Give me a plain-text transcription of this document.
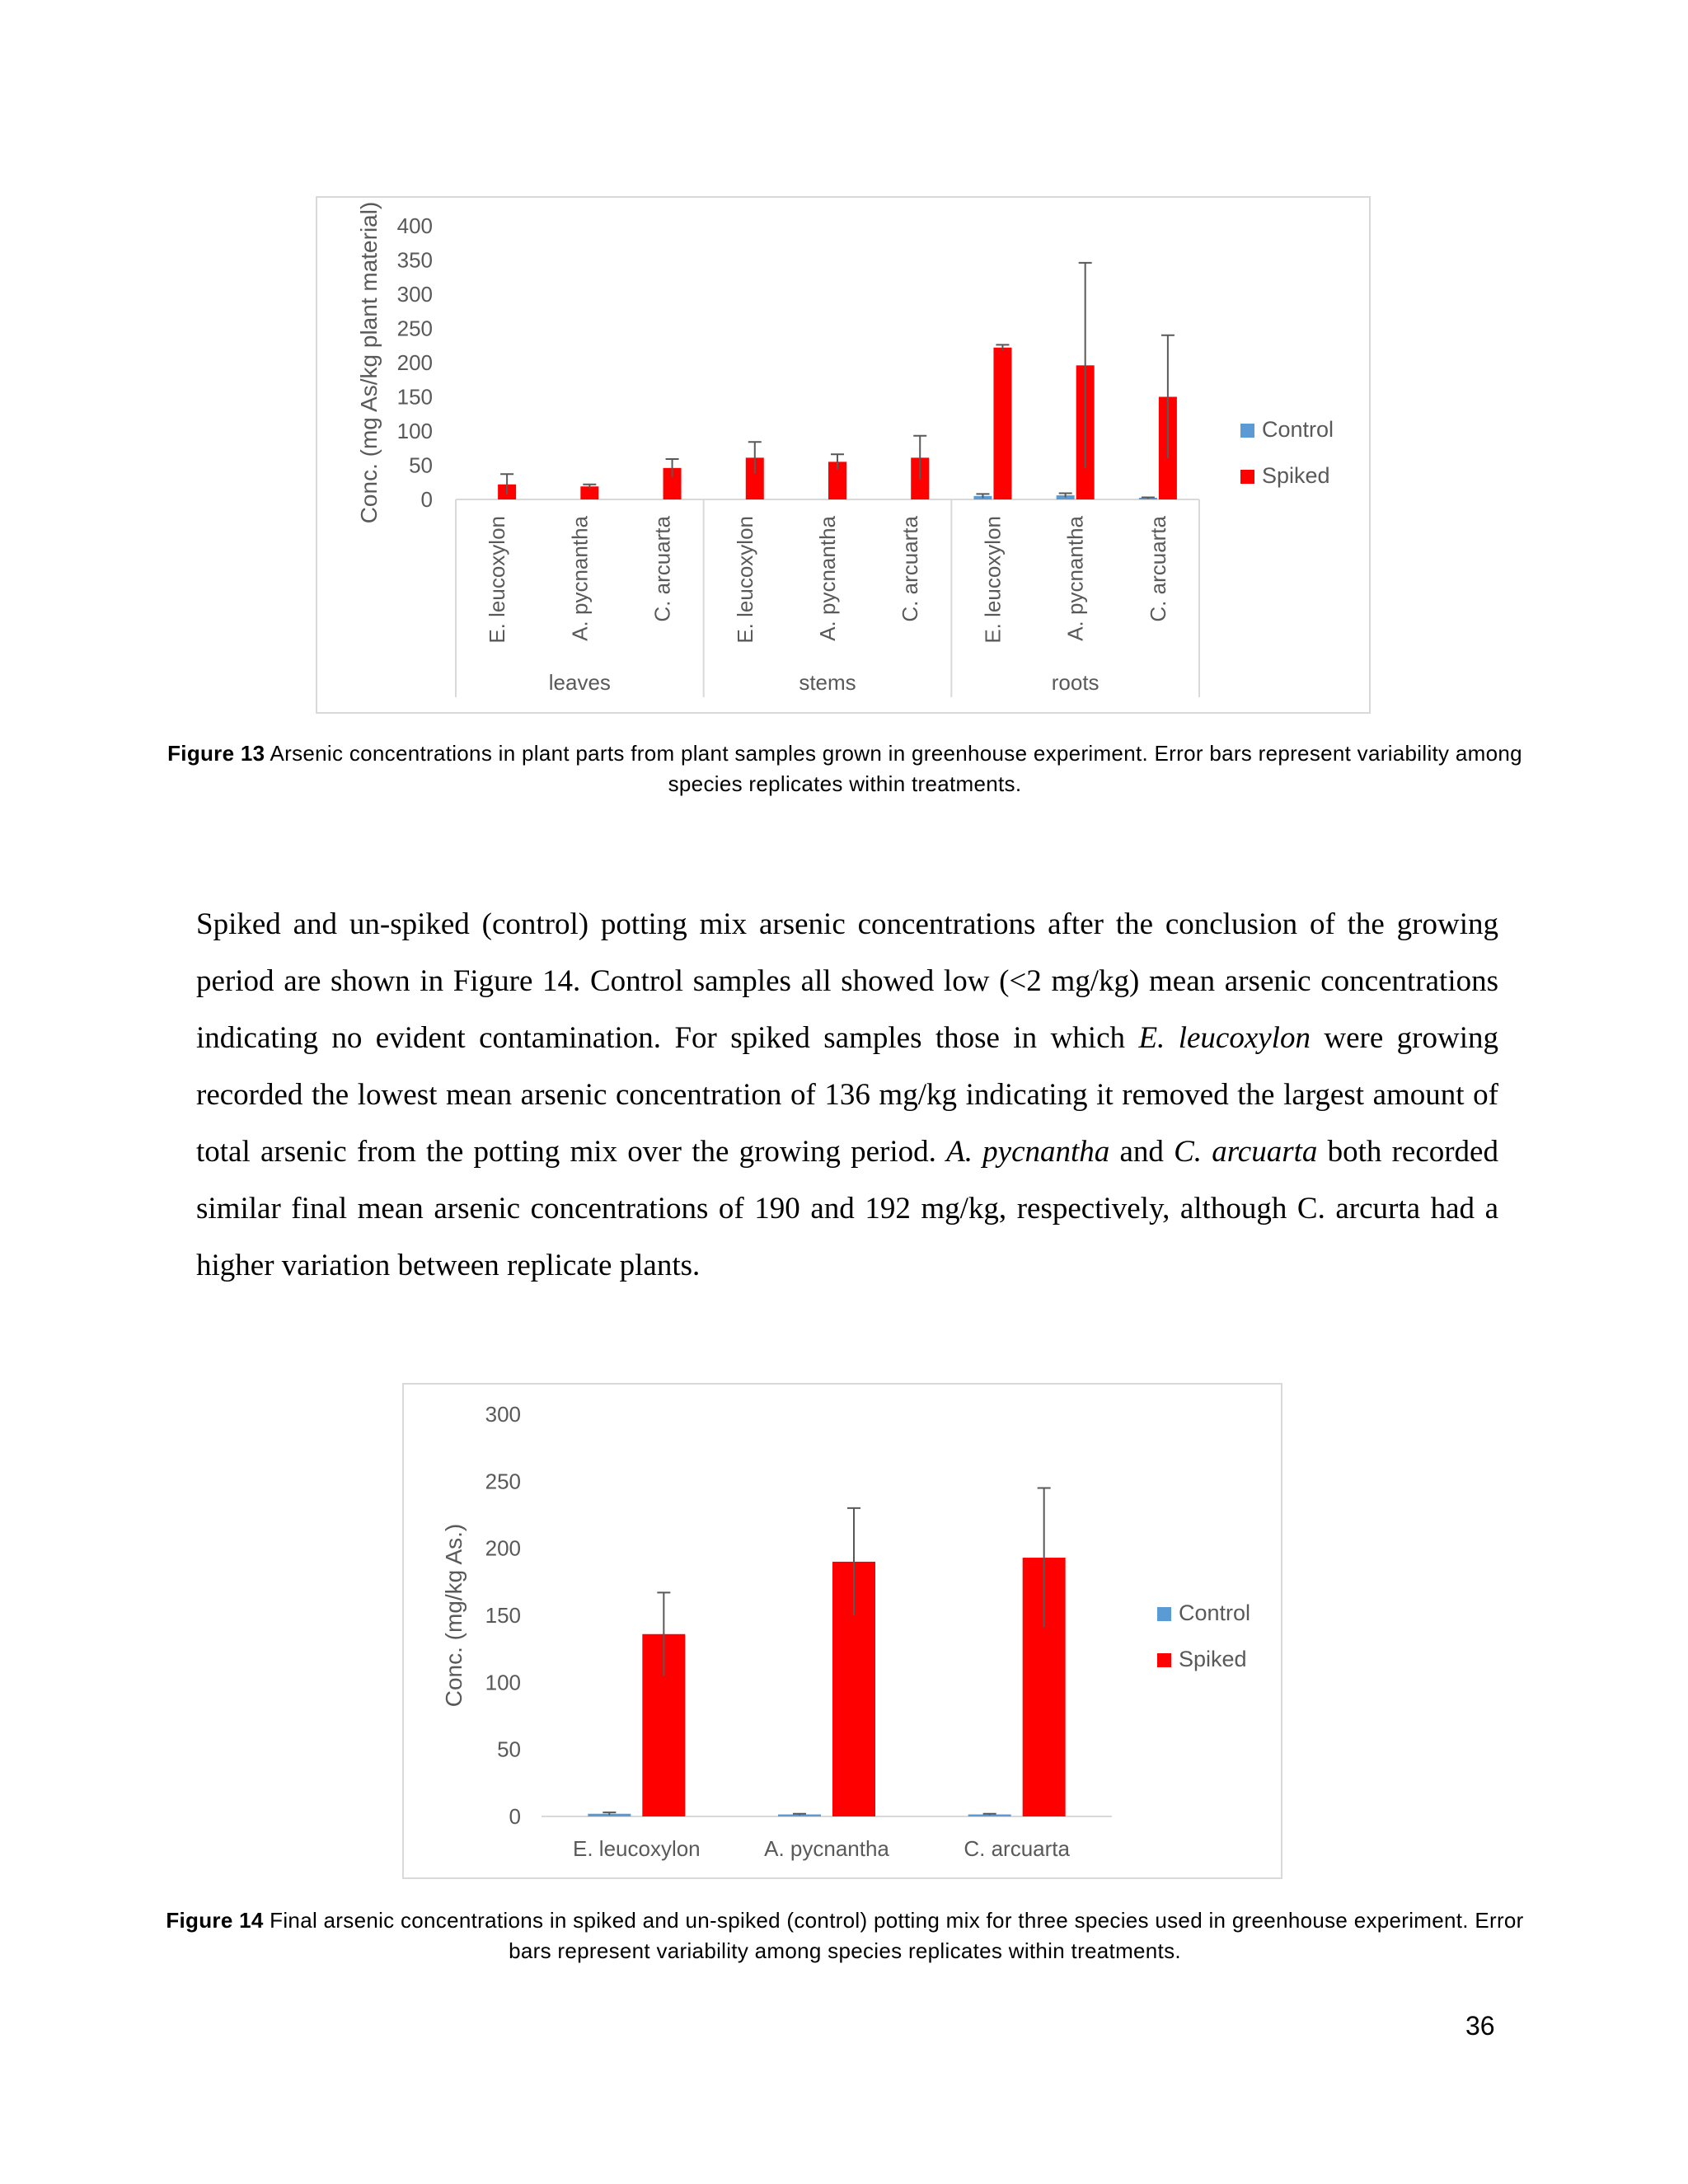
0
50
100
150
200
250
300
350
400
Conc. (mg As/kg plant material)
E. leucoxylon	A. pycnantha	C. arcuarta	E. leucoxylon	A. pycnantha	C. arcuarta	E. leucoxylon	A. pycnantha	C. arcuarta
leaves	stems	roots
Control
Spiked
Figure 13 Arsenic concentrations in plant parts from plant samples grown in greenhouse experiment. Error bars represent variability among species replicates within treatments.

Spiked and un-spiked (control) potting mix arsenic concentrations after the conclusion of the growing period are shown in Figure 14. Control samples all showed low (<2 mg/kg) mean arsenic concentrations indicating no evident contamination. For spiked samples those in which E. leucoxylon were growing recorded the lowest mean arsenic concentration of 136 mg/kg indicating it removed the largest amount of total arsenic from the potting mix over the growing period. A. pycnantha and C. arcuarta both recorded similar final mean arsenic concentrations of 190 and 192 mg/kg, respectively, although C. arcurta had a higher variation between replicate plants.

0
50
100
150
200
250
300
Conc. (mg/kg As.)
E. leucoxylon	A. pycnantha	C. arcuarta
Control
Spiked
Figure 14 Final arsenic concentrations in spiked and un-spiked (control) potting mix for three species used in greenhouse experiment. Error bars represent variability among species replicates within treatments.
36
